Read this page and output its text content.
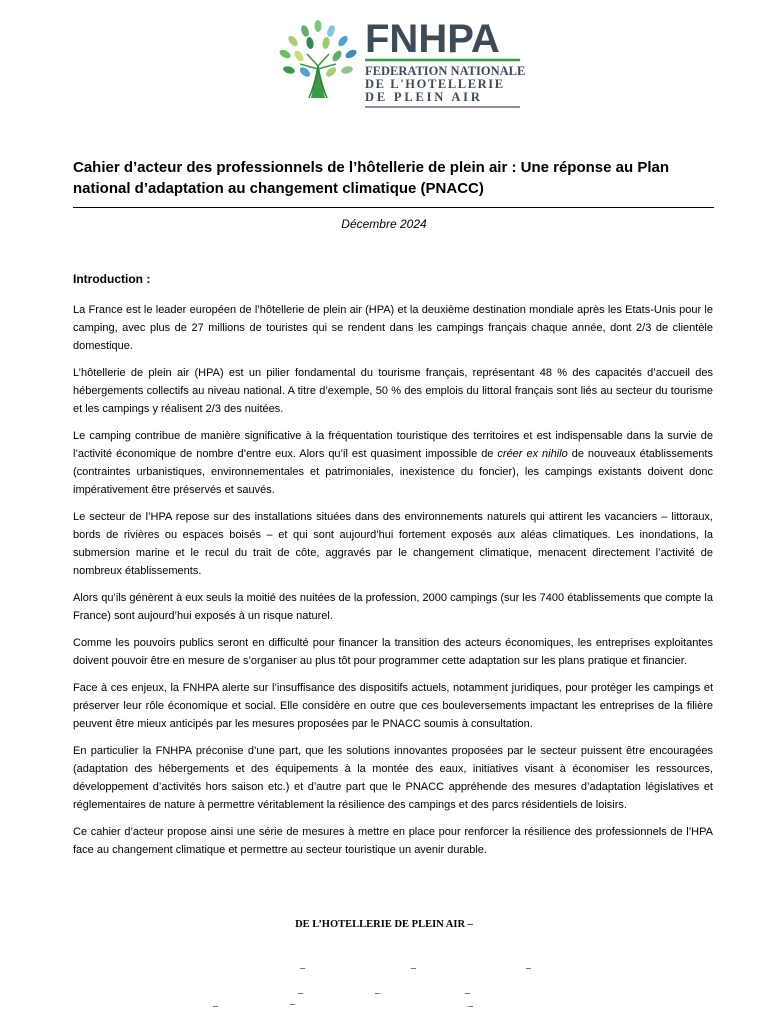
FNHPA
FEDERATION NATIONALE
DE L'HOTELLERIE
DE PLEIN AIR
Cahier d’acteur des professionnels de l’hôtellerie de plein air : Une réponse au Plan national d’adaptation au changement climatique (PNACC)
Décembre 2024
Introduction :

La France est le leader européen de l’hôtellerie de plein air (HPA) et la deuxième destination mondiale après les Etats-Unis pour le camping, avec plus de 27 millions de touristes qui se rendent dans les campings français chaque année, dont 2/3 de clientèle domestique.

L’hôtellerie de plein air (HPA) est un pilier fondamental du tourisme français, représentant 48 % des capacités d’accueil des hébergements collectifs au niveau national. A titre d’exemple, 50 % des emplois du littoral français sont liés au secteur du tourisme et les campings y réalisent 2/3 des nuitées.

Le camping contribue de manière significative à la fréquentation touristique des territoires et est indispensable dans la survie de l’activité économique de nombre d’entre eux. Alors qu’il est quasiment impossible de créer ex nihilo de nouveaux établissements (contraintes urbanistiques, environnementales et patrimoniales, inexistence du foncier), les campings existants doivent donc impérativement être préservés et sauvés.

Le secteur de l’HPA repose sur des installations situées dans des environnements naturels qui attirent les vacanciers – littoraux, bords de rivières ou espaces boisés – et qui sont aujourd’hui fortement exposés aux aléas climatiques. Les inondations, la submersion marine et le recul du trait de côte, aggravés par le changement climatique, menacent directement l’activité de nombreux établissements.

Alors qu’ils génèrent à eux seuls la moitié des nuitées de la profession, 2000 campings (sur les 7400 établissements que compte la France) sont aujourd’hui exposés à un risque naturel.

Comme les pouvoirs publics seront en difficulté pour financer la transition des acteurs économiques, les entreprises exploitantes doivent pouvoir être en mesure de s’organiser au plus tôt pour programmer cette adaptation sur les plans pratique et financier.

Face à ces enjeux, la FNHPA alerte sur l’insuffisance des dispositifs actuels, notamment juridiques, pour protéger les campings et préserver leur rôle économique et social. Elle considère en outre que ces bouleversements impactant les entreprises de la filière peuvent être mieux anticipés par les mesures proposées par le PNACC soumis à consultation.

En particulier la FNHPA préconise d’une part, que les solutions innovantes proposées par le secteur puissent être encouragées (adaptation des hébergements et des équipements à la montée des eaux, initiatives visant à économiser les ressources, développement d’activités hors saison etc.) et d’autre part que le PNACC appréhende des mesures d’adaptation législatives et réglementaires de nature à permettre véritablement la résilience des campings et des parcs résidentiels de loisirs.

Ce cahier d’acteur propose ainsi une série de mesures à mettre en place pour renforcer la résilience des professionnels de l’HPA face au changement climatique et permettre au secteur touristique un avenir durable.

DE L’HOTELLERIE DE PLEIN AIR –
_	_	_
_	_	_
_	_	_
